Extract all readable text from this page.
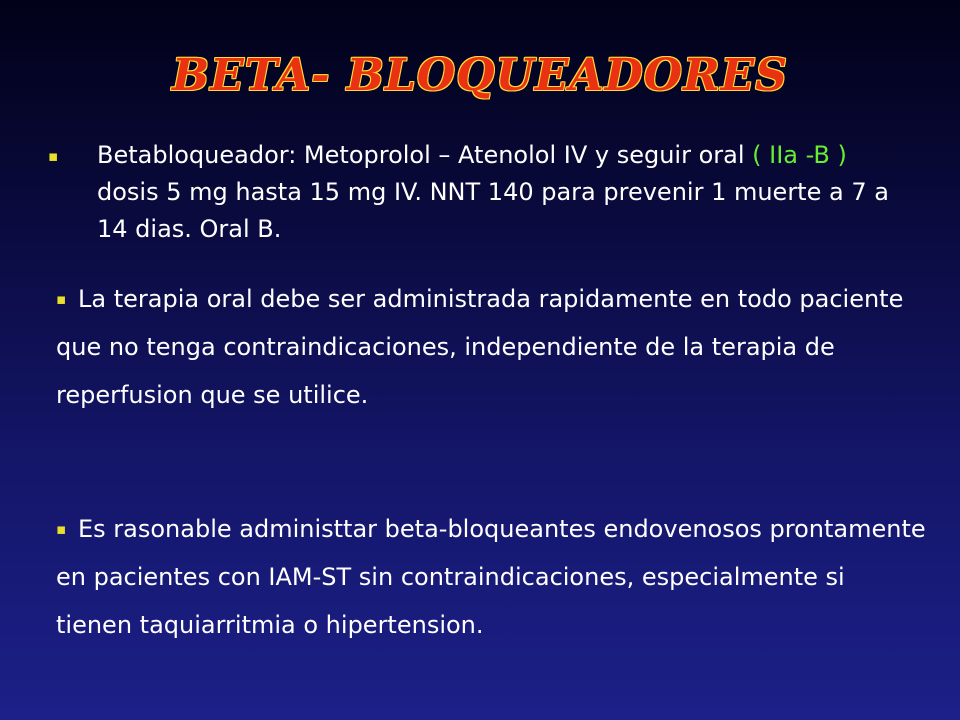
BETA- BLOQUEADORES
▪	Betabloqueador: Metoprolol – Atenolol IV y seguir oral ( IIa -B ) dosis 5 mg hasta 15 mg IV. NNT 140 para prevenir 1 muerte a 7 a 14 dias. Oral B.
▪ La terapia oral debe ser administrada rapidamente en todo paciente que no tenga contraindicaciones, independiente de la terapia de reperfusion que se utilice.
▪ Es rasonable administtar beta-bloqueantes endovenosos prontamente en pacientes con IAM-ST sin contraindicaciones, especialmente si tienen taquiarritmia o hipertension.
